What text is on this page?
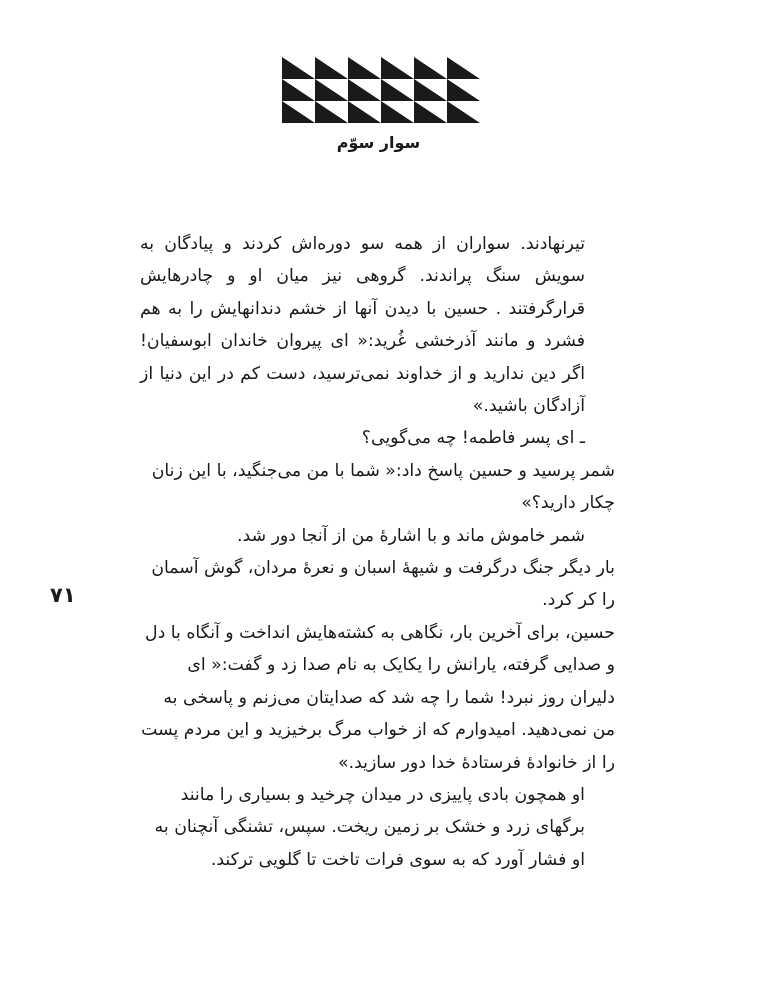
سوار سوّم
۷۱

تیرنهادند. سواران از همه سو دوره‌اش کردند و پیادگان به سویش سنگ پراندند. گروهی نیز میان او و چادرهایش قرارگرفتند . حسین با دیدن آنها از خشم دندانهایش را به هم فشرد و مانند آذرخشی غُرید:« ای پیروان خاندان ابوسفیان! اگر دین ندارید و از خداوند نمی‌ترسید، دست کم در این دنیا از آزادگان باشید.»

ـ ای پسر فاطمه! چه می‌گویی؟

شمر پرسید و حسین پاسخ داد:« شما با من می‌جنگید، با این زنان چکار دارید؟»

شمر خاموش ماند و با اشارهٔ من از آنجا دور شد.

بار دیگر جنگ درگرفت و شیههٔ اسبان و نعرهٔ مردان، گوش آسمان را کر کرد.

حسین، برای آخرین بار، نگاهی به کشته‌هایش انداخت و آنگاه با دل و صدایی گرفته، یارانش را یکایک به نام صدا زد و گفت:« ای دلیران روز نبرد! شما را چه شد که صدایتان می‌زنم و پاسخی به من نمی‌دهید. امیدوارم که از خواب مرگ برخیزید و این مردم پست را از خانوادهٔ فرستادهٔ خدا دور سازید.»

او همچون بادی پاییزی در میدان چرخید و بسیاری را مانند برگهای زرد و خشک بر زمین ریخت. سپس، تشنگی آنچنان به او فشار آورد که به سوی فرات تاخت تا گلویی ترکند.
